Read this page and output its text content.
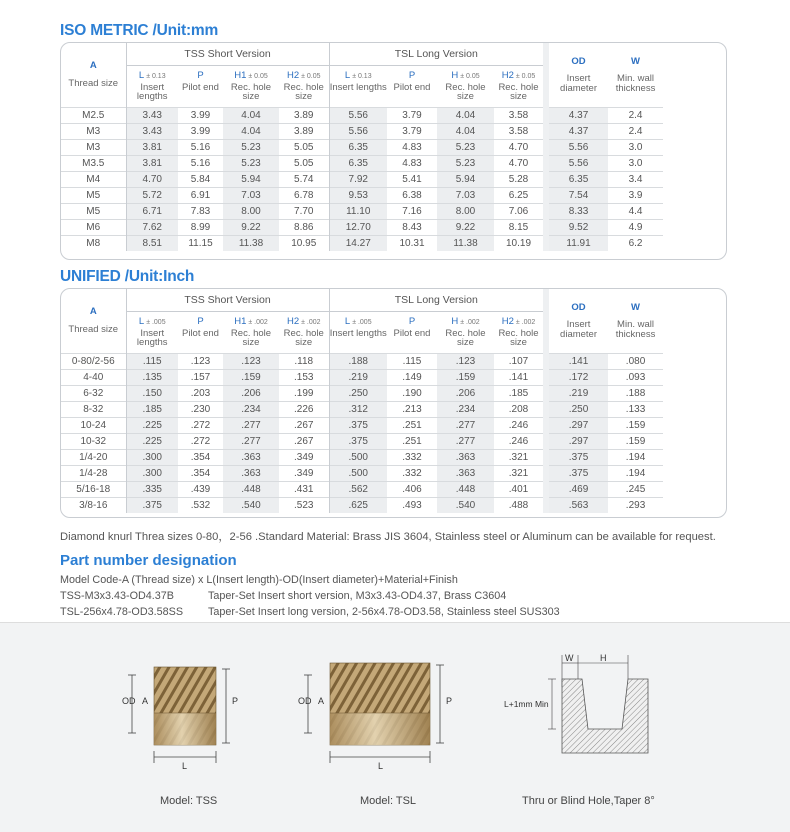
ISO METRIC /Unit:mm
A
Thread size	TSS Short Version				TSL Long Version				OD
Insert diameter	W
Min. wall thickness	
	L ± 0.13	P	H1 ± 0.05	H2 ± 0.05	L ± 0.13	P	H ± 0.05	H2 ± 0.05			
	Insert lengths	Pilot end	Rec. hole size	Rec. hole size	Insert lengths	Pilot end	Rec. hole size	Rec. hole size			
M2.5	3.43	3.99	4.04	3.89	5.56	3.79	4.04	3.58	4.37	2.4	
M3	3.43	3.99	4.04	3.89	5.56	3.79	4.04	3.58	4.37	2.4	
M3	3.81	5.16	5.23	5.05	6.35	4.83	5.23	4.70	5.56	3.0	
M3.5	3.81	5.16	5.23	5.05	6.35	4.83	5.23	4.70	5.56	3.0	
M4	4.70	5.84	5.94	5.74	7.92	5.41	5.94	5.28	6.35	3.4	
M5	5.72	6.91	7.03	6.78	9.53	6.38	7.03	6.25	7.54	3.9	
M5	6.71	7.83	8.00	7.70	11.10	7.16	8.00	7.06	8.33	4.4	
M6	7.62	8.99	9.22	8.86	12.70	8.43	9.22	8.15	9.52	4.9	
M8	8.51	11.15	11.38	10.95	14.27	10.31	11.38	10.19	11.91	6.2	
UNIFIED /Unit:Inch
A
Thread size	TSS Short Version				TSL Long Version				OD
Insert diameter	W
Min. wall thickness	
	L ± .005	P	H1 ± .002	H2 ± .002	L ± .005	P	H ± .002	H2 ± .002			
	Insert lengths	Pilot end	Rec. hole size	Rec. hole size	Insert lengths	Pilot end	Rec. hole size	Rec. hole size			
0-80/2-56	.115	.123	.123	.118	.188	.115	.123	.107	.141	.080	
4-40	.135	.157	.159	.153	.219	.149	.159	.141	.172	.093	
6-32	.150	.203	.206	.199	.250	.190	.206	.185	.219	.188	
8-32	.185	.230	.234	.226	.312	.213	.234	.208	.250	.133	
10-24	.225	.272	.277	.267	.375	.251	.277	.246	.297	.159	
10-32	.225	.272	.277	.267	.375	.251	.277	.246	.297	.159	
1/4-20	.300	.354	.363	.349	.500	.332	.363	.321	.375	.194	
1/4-28	.300	.354	.363	.349	.500	.332	.363	.321	.375	.194	
5/16-18	.335	.439	.448	.431	.562	.406	.448	.401	.469	.245	
3/8-16	.375	.532	.540	.523	.625	.493	.540	.488	.563	.293	
Diamond knurl Threa sizes 0-80，2-56 .Standard Material: Brass JIS 3604, Stainless steel or Aluminum can be available for request.
Part number designation
Model Code-A (Thread size) x L(Insert length)-OD(Insert diameter)+Material+Finish
TSS-M3x3.43-OD4.37B	Taper-Set Insert short version, M3x3.43-OD4.37, Brass C3604
TSL-256x4.78-OD3.58SS Taper-Set Insert long version, 2-56x4.78-OD3.58, Stainless steel SUS303
OD A	P
L
Model: TSS
OD A	P
L
Model: TSL
W	H
L+1mm Min
Thru or Blind Hole,Taper 8°
